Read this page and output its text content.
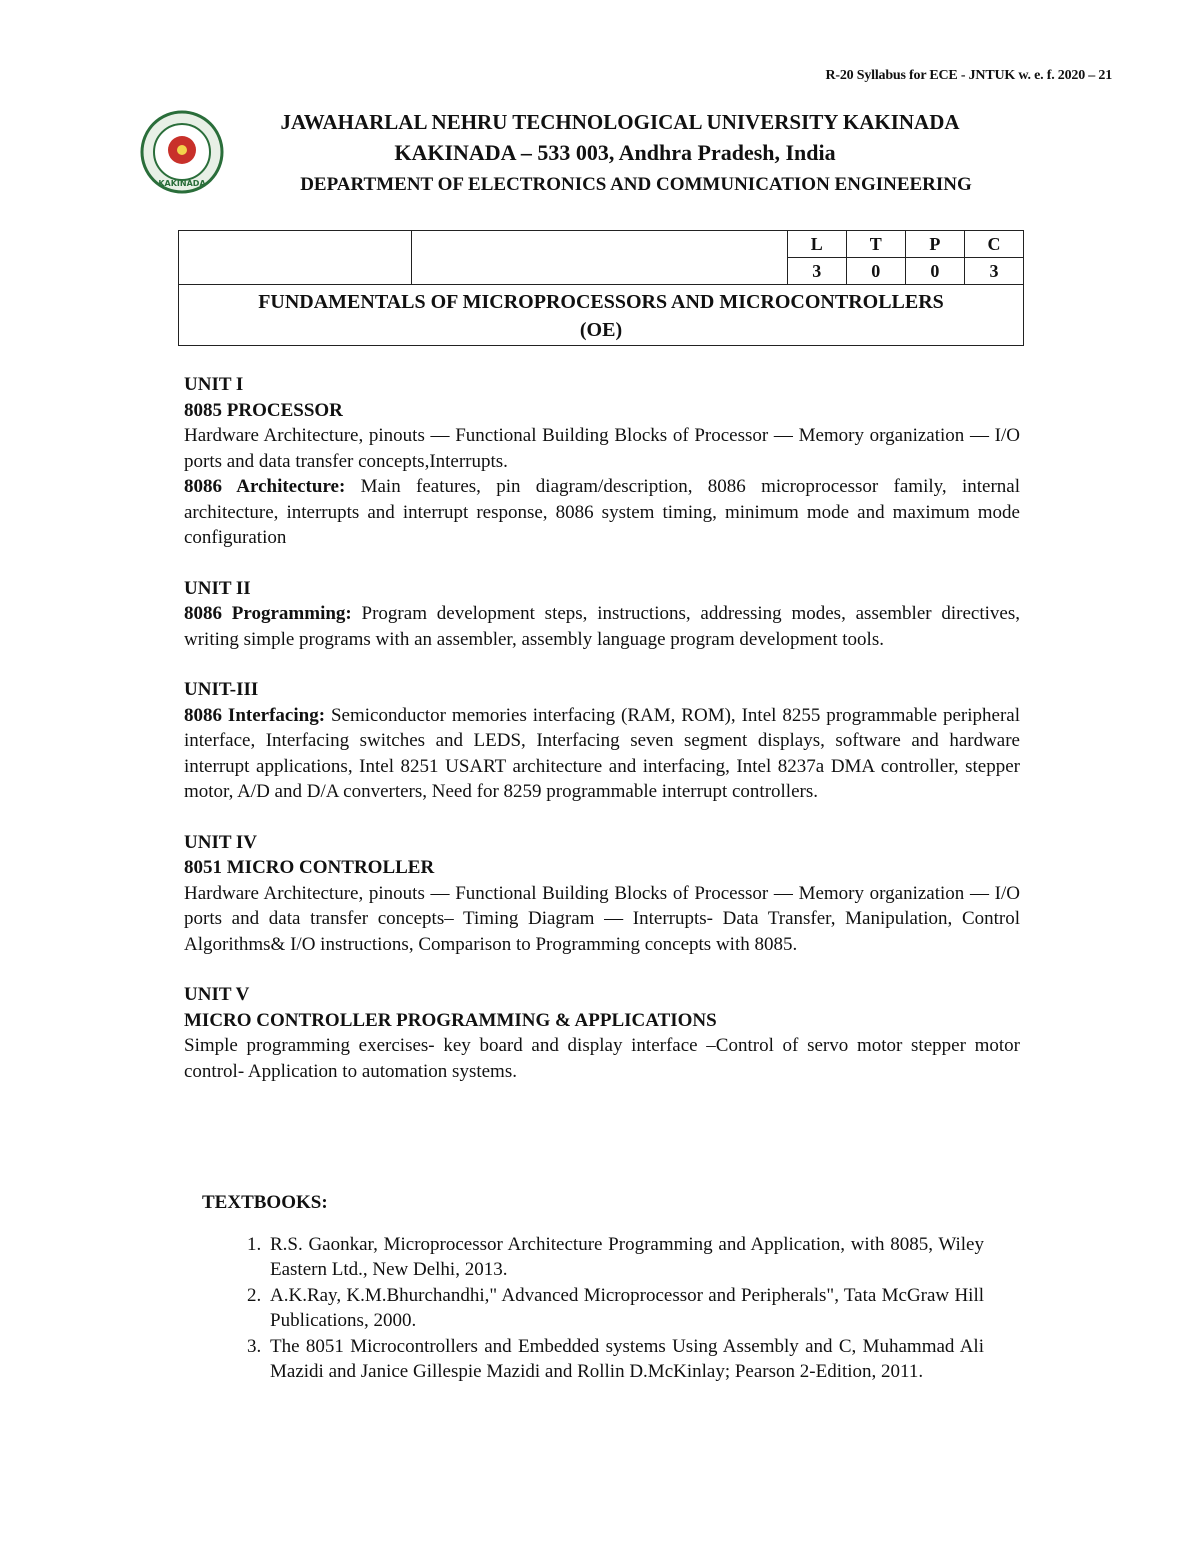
R-20 Syllabus for ECE - JNTUK w. e. f. 2020 – 21
KAKINADA
JAWAHARLAL NEHRU TECHNOLOGICAL UNIVERSITY KAKINADA
KAKINADA – 533 003, Andhra Pradesh, India
DEPARTMENT OF ELECTRONICS AND COMMUNICATION ENGINEERING
		L	T	P	C
		3	0	0	3
FUNDAMENTALS OF MICROPROCESSORS AND MICROCONTROLLERS
(OE)					
UNIT I
8085 PROCESSOR

Hardware Architecture, pinouts — Functional Building Blocks of Processor — Memory organization — I/O ports and data transfer concepts,Interrupts.

8086 Architecture: Main features, pin diagram/description, 8086 microprocessor family, internal architecture, interrupts and interrupt response, 8086 system timing, minimum mode and maximum mode configuration

UNIT II

8086 Programming: Program development steps, instructions, addressing modes, assembler directives, writing simple programs with an assembler, assembly language program development tools.

UNIT-III

8086 Interfacing: Semiconductor memories interfacing (RAM, ROM), Intel 8255 programmable peripheral interface, Interfacing switches and LEDS, Interfacing seven segment displays, software and hardware interrupt applications, Intel 8251 USART architecture and interfacing, Intel 8237a DMA controller, stepper motor, A/D and D/A converters, Need for 8259 programmable interrupt controllers.

UNIT IV
8051 MICRO CONTROLLER

Hardware Architecture, pinouts — Functional Building Blocks of Processor — Memory organization — I/O ports and data transfer concepts– Timing Diagram — Interrupts- Data Transfer, Manipulation, Control Algorithms& I/O instructions, Comparison to Programming concepts with 8085.

UNIT V
MICRO CONTROLLER PROGRAMMING & APPLICATIONS

Simple programming exercises- key board and display interface –Control of servo motor stepper motor control- Application to automation systems.

TEXTBOOKS:
1. R.S. Gaonkar, Microprocessor Architecture Programming and Application, with 8085, Wiley Eastern Ltd., New Delhi, 2013.
2. A.K.Ray, K.M.Bhurchandhi," Advanced Microprocessor and Peripherals", Tata McGraw Hill Publications, 2000.
3. The 8051 Microcontrollers and Embedded systems Using Assembly and C, Muhammad Ali Mazidi and Janice Gillespie Mazidi and Rollin D.McKinlay; Pearson 2-Edition, 2011.
